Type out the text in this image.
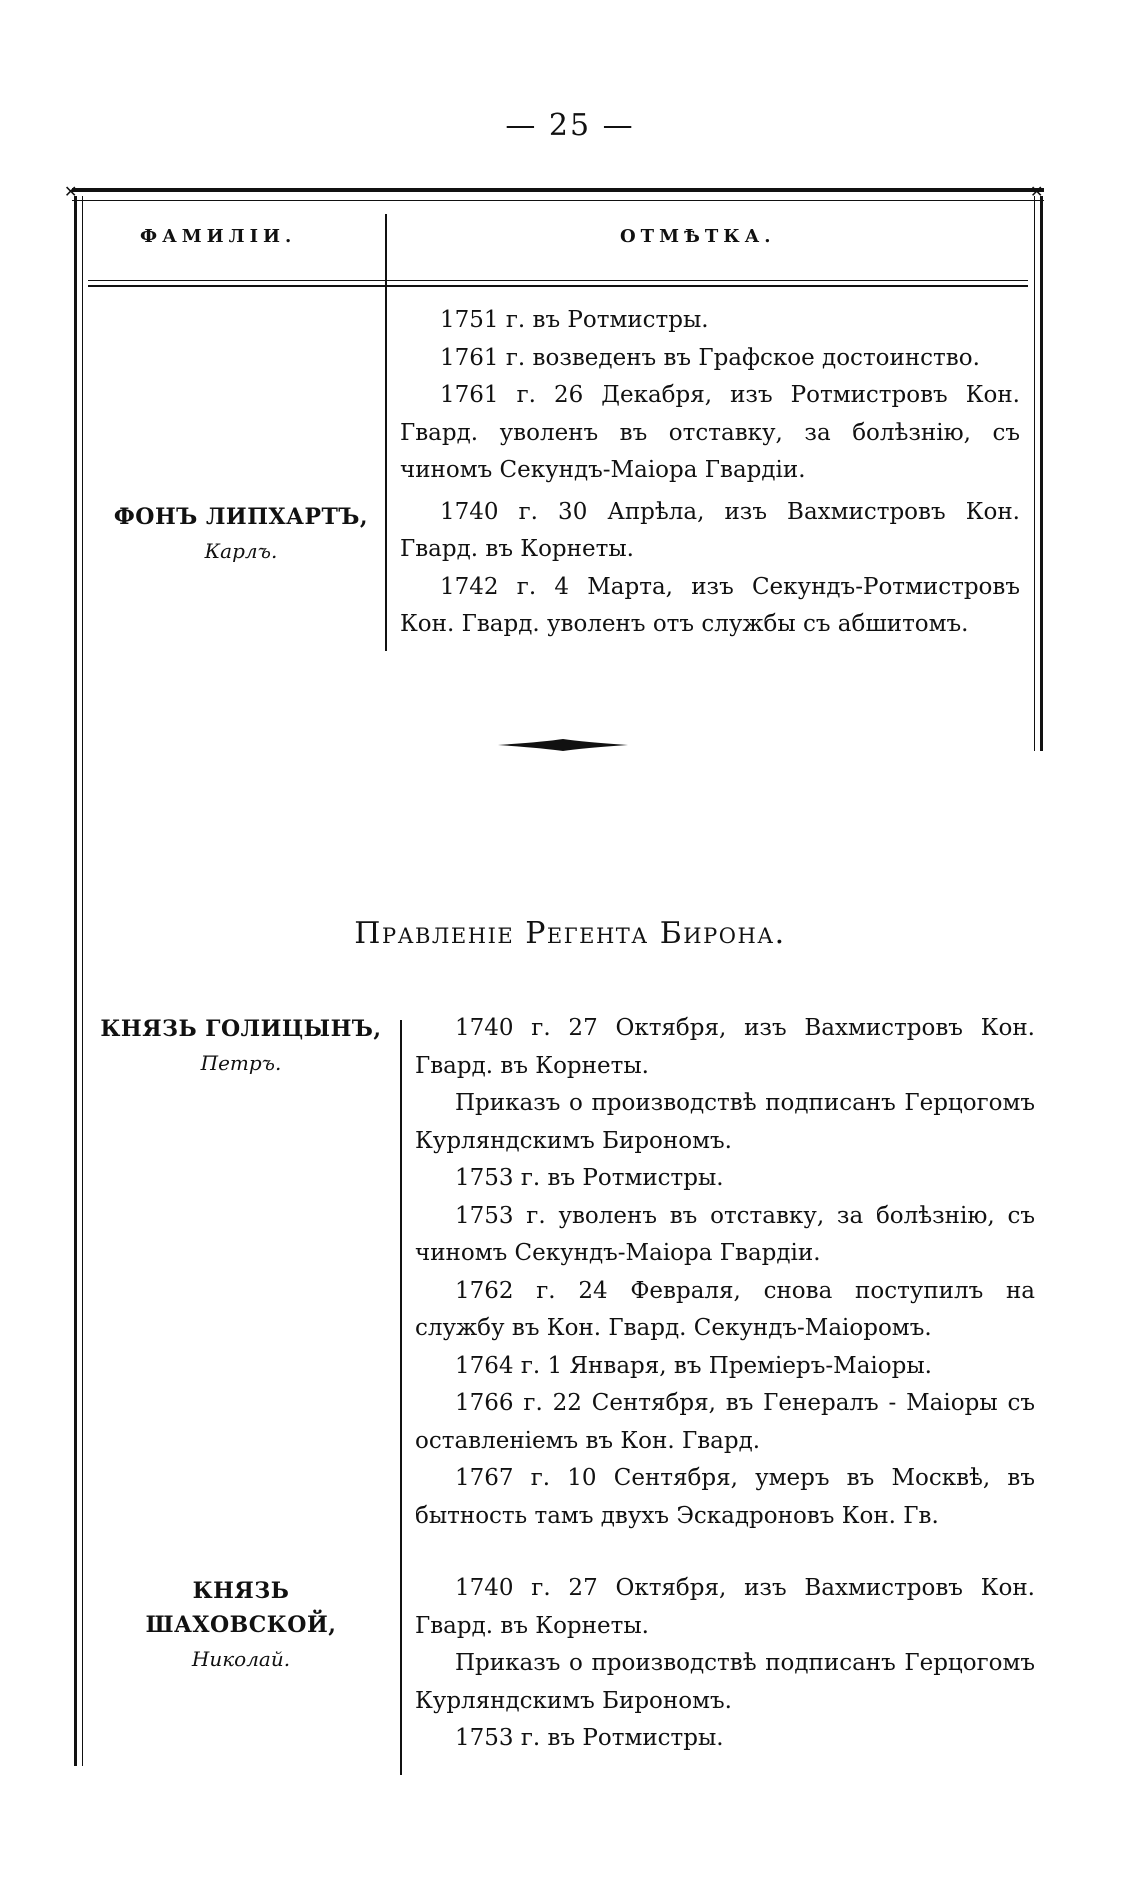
— 25 —
✕	✕
ФАМИЛІИ.	ОТМѢТКА.
ФОНЪ ЛИПХАРТЪ,
Карлъ.

1751 г. въ Ротмистры.

1761 г. возведенъ въ Графское достоинство.

1761 г. 26 Декабря, изъ Ротмистровъ Кон. Гвард. уволенъ въ отставку, за болѣзнію, съ чиномъ Секундъ-Маіора Гвардіи.

1740 г. 30 Апрѣла, изъ Вахмистровъ Кон. Гвард. въ Корнеты.

1742 г. 4 Марта, изъ Секундъ-Ротмистровъ Кон. Гвард. уволенъ отъ службы съ абшитомъ.

Правленіе Регента Бирона.
КНЯЗЬ ГОЛИЦЫНЪ,
Петръ.

1740 г. 27 Октября, изъ Вахмистровъ Кон. Гвард. въ Корнеты.

Приказъ о производствѣ подписанъ Герцогомъ Курляндскимъ Бирономъ.

1753 г. въ Ротмистры.

1753 г. уволенъ въ отставку, за болѣзнію, съ чиномъ Секундъ-Маіора Гвардіи.

1762 г. 24 Февраля, снова поступилъ на службу въ Кон. Гвард. Секундъ-Маіоромъ.

1764 г. 1 Января, въ Преміеръ-Маіоры.

1766 г. 22 Сентября, въ Генералъ - Маіоры съ оставленіемъ въ Кон. Гвард.

1767 г. 10 Сентября, умеръ въ Москвѣ, въ бытность тамъ двухъ Эскадроновъ Кон. Гв.

КНЯЗЬ ШАХОВСКОЙ,
Николай.

1740 г. 27 Октября, изъ Вахмистровъ Кон. Гвард. въ Корнеты.

Приказъ о производствѣ подписанъ Герцогомъ Курляндскимъ Бирономъ.

1753 г. въ Ротмистры.
